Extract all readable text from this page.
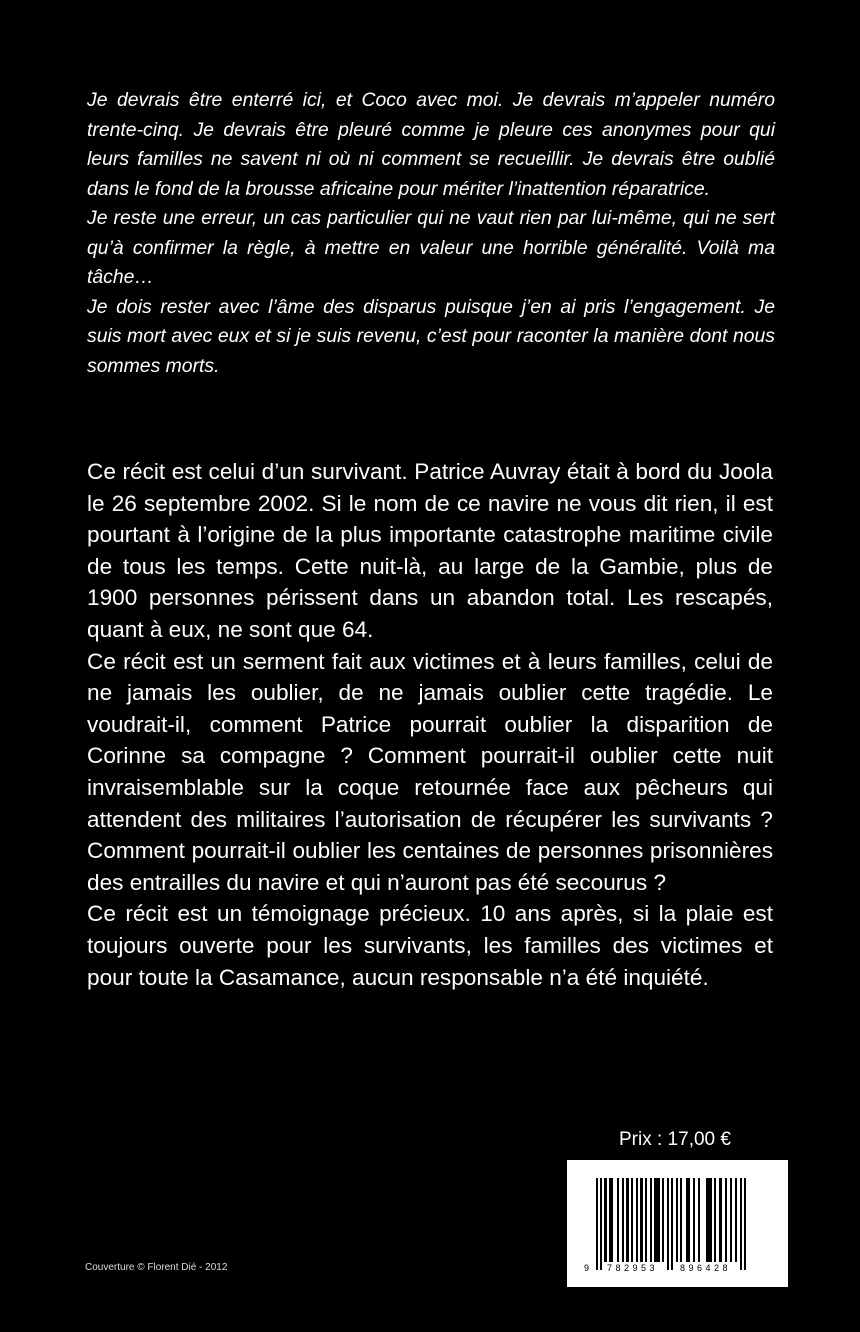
Je devrais être enterré ici, et Coco avec moi. Je devrais m’appeler numéro trente-cinq. Je devrais être pleuré comme je pleure ces anonymes pour qui leurs familles ne savent ni où ni comment se recueillir. Je devrais être oublié dans le fond de la brousse africaine pour mériter l’inattention réparatrice.

Je reste une erreur, un cas particulier qui ne vaut rien par lui-même, qui ne sert qu’à confirmer la règle, à mettre en valeur une horrible généralité. Voilà ma tâche…

Je dois rester avec l’âme des disparus puisque j’en ai pris l’engagement. Je suis mort avec eux et si je suis revenu, c’est pour raconter la manière dont nous sommes morts.

Ce récit est celui d’un survivant. Patrice Auvray était à bord du Joola le 26 septembre 2002. Si le nom de ce navire ne vous dit rien, il est pourtant à l’origine de la plus importante catastrophe maritime civile de tous les temps. Cette nuit-là, au large de la Gambie, plus de 1900 personnes périssent dans un abandon total. Les rescapés, quant à eux, ne sont que 64.

Ce récit est un serment fait aux victimes et à leurs familles, celui de ne jamais les oublier, de ne jamais oublier cette tragédie. Le voudrait-il, comment Patrice pourrait oublier la disparition de Corinne sa compagne ? Comment pourrait-il oublier cette nuit invraisemblable sur la coque retournée face aux pêcheurs qui attendent des militaires l’autorisation de récupérer les survivants ? Comment pourrait-il oublier les centaines de personnes prisonnières des entrailles du navire et qui n’auront pas été secourus ?

Ce récit est un témoignage précieux. 10 ans après, si la plaie est toujours ouverte pour les survivants, les familles des victimes et pour toute la Casamance, aucun responsable n’a été inquiété.

Prix : 17,00 €
9 7 8 2 9 5 3	8 9 6 4 2 8
Couverture © Florent Dié - 2012
